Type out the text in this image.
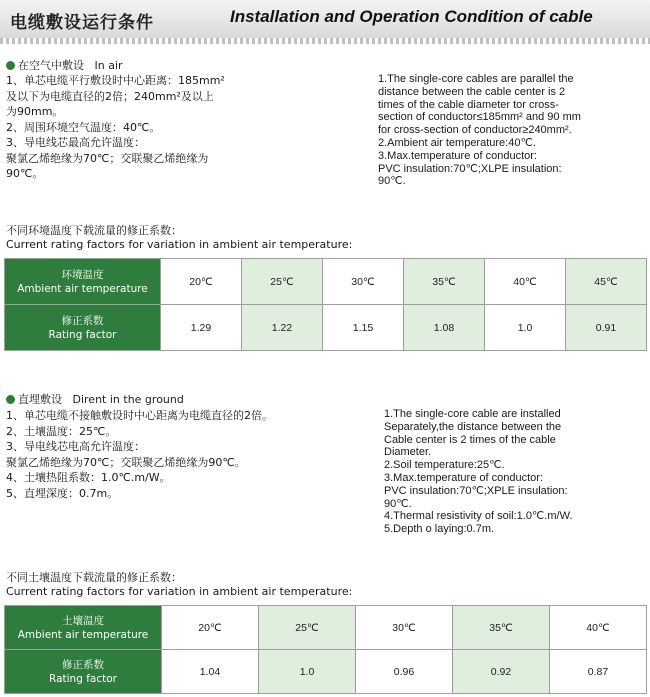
电缆敷设运行条件	Installation and Operation Condition of cable
在空气中敷设 In air
1、单芯电缆平行敷设时中心距离：185mm²
及以下为电缆直径的2倍；240mm²及以上
为90mm。
2、周围环境空气温度：40℃。
3、导电线芯最高允许温度：
聚氯乙烯绝缘为70℃；交联聚乙烯绝缘为
90℃。
1.The single-core cables are parallel the
distance between the cable center is 2
times of the cable diameter tor cross-
section of conductor≤185mm² and 90 mm
for cross-section of conductor≥240mm².
2.Ambient air temperature:40℃.
3.Max.temperature of conductor:
PVC insulation:70℃;XLPE insulation:
90℃.
不同环境温度下载流量的修正系数：
Current rating factors for variation in ambient air temperature:
环境温度
Ambient air temperature	20℃	25℃	30℃	35℃	40℃	45℃

修正系数
Rating factor	1.29	1.22	1.15	1.08	1.0	0.91
直埋敷设 Dirent in the ground
1、单芯电缆不接触敷设时中心距离为电缆直径的2倍。
2、土壤温度：25℃。
3、导电线芯电高允许温度：
聚氯乙烯绝缘为70℃；交联聚乙烯绝缘为90℃。
4、土壤热阻系数：1.0℃.m/W。
5、直埋深度：0.7m。
1.The single-core cable are installed
Separately,the distance between the
Cable center is 2 times of the cable
Diameter.
2.Soil temperature:25℃.
3.Max.temperature of conductor:
PVC insulation:70℃;XPLE insulation:
90℃.
4.Thermal resistivity of soil:1.0℃.m/W.
5.Depth o laying:0.7m.
不同土壤温度下载流量的修正系数：
Current rating factors for variation in ambient air temperature:
土壤温度
Ambient air temperature	20℃	25℃	30℃	35℃	40℃

修正系数
Rating factor	1.04	1.0	0.96	0.92	0.87
